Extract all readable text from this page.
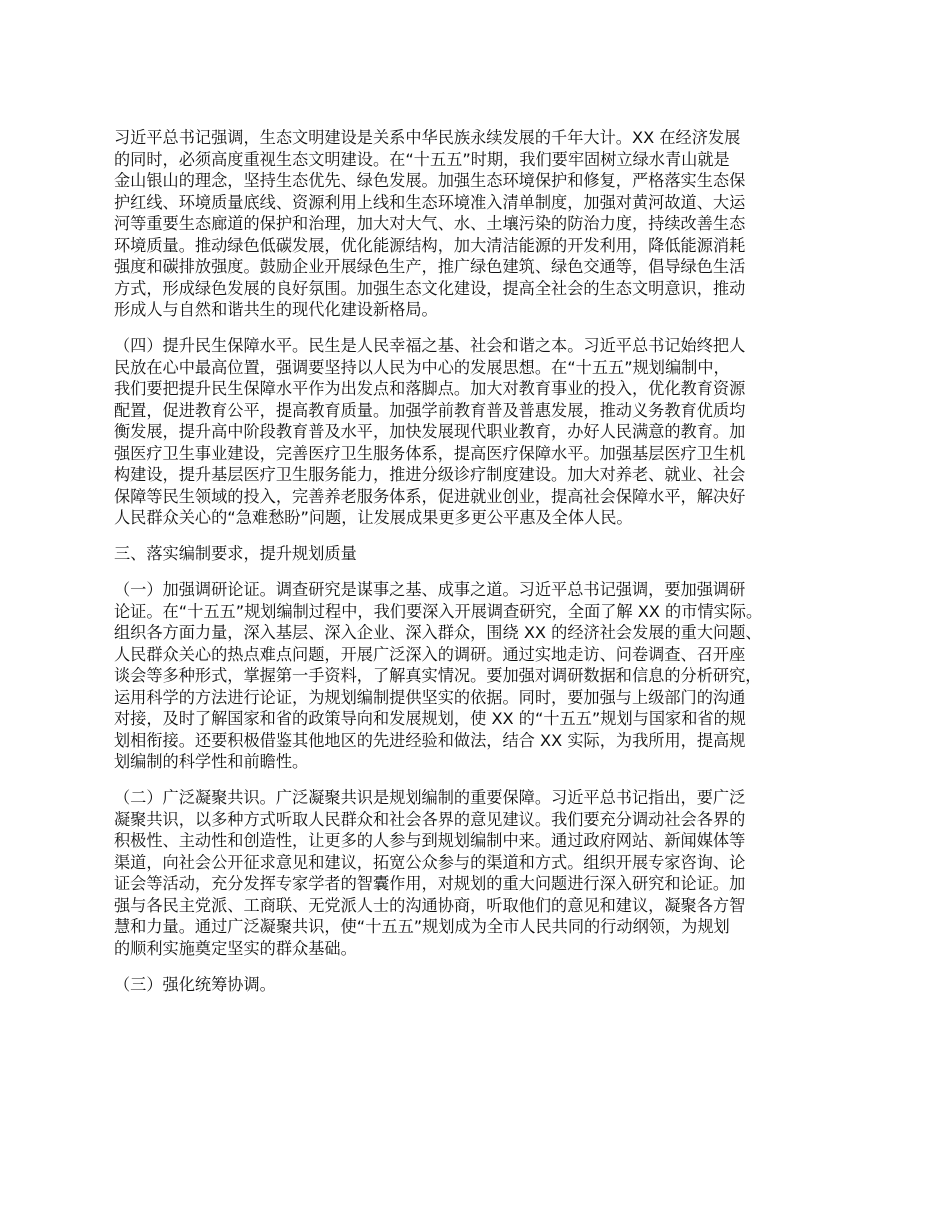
习近平总书记强调，生态文明建设是关系中华民族永续发展的千年大计。XX 在经济发展
的同时，必须高度重视生态文明建设。在“十五五”时期，我们要牢固树立绿水青山就是
金山银山的理念，坚持生态优先、绿色发展。加强生态环境保护和修复，严格落实生态保
护红线、环境质量底线、资源利用上线和生态环境准入清单制度，加强对黄河故道、大运
河等重要生态廊道的保护和治理，加大对大气、水、土壤污染的防治力度，持续改善生态
环境质量。推动绿色低碳发展，优化能源结构，加大清洁能源的开发利用，降低能源消耗
强度和碳排放强度。鼓励企业开展绿色生产，推广绿色建筑、绿色交通等，倡导绿色生活
方式，形成绿色发展的良好氛围。加强生态文化建设，提高全社会的生态文明意识，推动
形成人与自然和谐共生的现代化建设新格局。

（四）提升民生保障水平。民生是人民幸福之基、社会和谐之本。习近平总书记始终把人
民放在心中最高位置，强调要坚持以人民为中心的发展思想。在“十五五”规划编制中，
我们要把提升民生保障水平作为出发点和落脚点。加大对教育事业的投入，优化教育资源
配置，促进教育公平，提高教育质量。加强学前教育普及普惠发展，推动义务教育优质均
衡发展，提升高中阶段教育普及水平，加快发展现代职业教育，办好人民满意的教育。加
强医疗卫生事业建设，完善医疗卫生服务体系，提高医疗保障水平。加强基层医疗卫生机
构建设，提升基层医疗卫生服务能力，推进分级诊疗制度建设。加大对养老、就业、社会
保障等民生领域的投入，完善养老服务体系，促进就业创业，提高社会保障水平，解决好
人民群众关心的“急难愁盼”问题，让发展成果更多更公平惠及全体人民。

三、落实编制要求，提升规划质量

（一）加强调研论证。调查研究是谋事之基、成事之道。习近平总书记强调，要加强调研
论证。在“十五五”规划编制过程中，我们要深入开展调查研究，全面了解 XX 的市情实际。
组织各方面力量，深入基层、深入企业、深入群众，围绕 XX 的经济社会发展的重大问题、
人民群众关心的热点难点问题，开展广泛深入的调研。通过实地走访、问卷调查、召开座
谈会等多种形式，掌握第一手资料，了解真实情况。要加强对调研数据和信息的分析研究，
运用科学的方法进行论证，为规划编制提供坚实的依据。同时，要加强与上级部门的沟通
对接，及时了解国家和省的政策导向和发展规划，使 XX 的“十五五”规划与国家和省的规
划相衔接。还要积极借鉴其他地区的先进经验和做法，结合 XX 实际，为我所用，提高规
划编制的科学性和前瞻性。

（二）广泛凝聚共识。广泛凝聚共识是规划编制的重要保障。习近平总书记指出，要广泛
凝聚共识，以多种方式听取人民群众和社会各界的意见建议。我们要充分调动社会各界的
积极性、主动性和创造性，让更多的人参与到规划编制中来。通过政府网站、新闻媒体等
渠道，向社会公开征求意见和建议，拓宽公众参与的渠道和方式。组织开展专家咨询、论
证会等活动，充分发挥专家学者的智囊作用，对规划的重大问题进行深入研究和论证。加
强与各民主党派、工商联、无党派人士的沟通协商，听取他们的意见和建议，凝聚各方智
慧和力量。通过广泛凝聚共识，使“十五五”规划成为全市人民共同的行动纲领，为规划
的顺利实施奠定坚实的群众基础。

（三）强化统筹协调。
